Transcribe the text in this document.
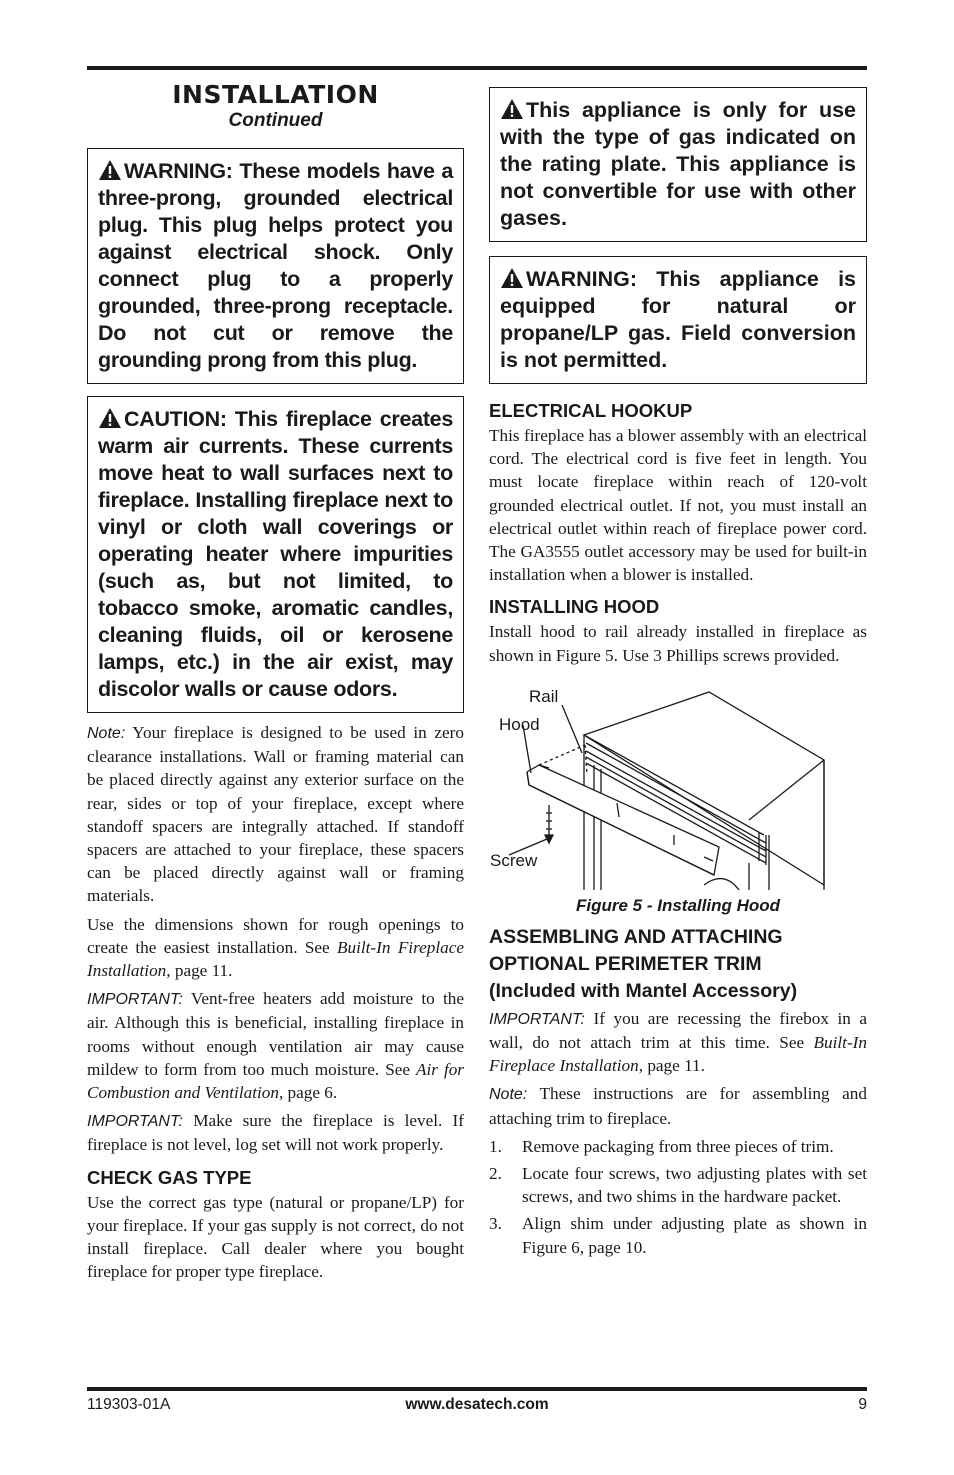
INSTALLATION
Continued
WARNING: These models have a three-prong, grounded electrical plug. This plug helps protect you against electrical shock. Only connect plug to a properly grounded, three-prong receptacle. Do not cut or remove the grounding prong from this plug.
CAUTION: This fireplace creates warm air currents. These currents move heat to wall surfaces next to fireplace. Installing fireplace next to vinyl or cloth wall coverings or operating heater where impurities (such as, but not limited, to tobacco smoke, aromatic candles, cleaning fluids, oil or kerosene lamps, etc.) in the air exist, may discolor walls or cause odors.

Note: Your fireplace is designed to be used in zero clearance installations. Wall or framing material can be placed directly against any exterior surface on the rear, sides or top of your fireplace, except where standoff spacers are integrally attached. If standoff spacers are attached to your fireplace, these spacers can be placed directly against wall or framing materials.

Use the dimensions shown for rough openings to create the easiest installation. See Built-In Fireplace Installation, page 11.

IMPORTANT: Vent-free heaters add moisture to the air. Although this is beneficial, installing fireplace in rooms without enough ventilation air may cause mildew to form from too much moisture. See Air for Combustion and Ventilation, page 6.

IMPORTANT: Make sure the fireplace is level. If fireplace is not level, log set will not work properly.

CHECK GAS TYPE

Use the correct gas type (natural or propane/LP) for your fireplace. If your gas supply is not correct, do not install fireplace. Call dealer where you bought fireplace for proper type fireplace.

This appliance is only for use with the type of gas indicated on the rating plate. This appliance is not convertible for use with other gases.
WARNING: This appliance is equipped for natural or propane/LP gas. Field conversion is not permitted.
ELECTRICAL HOOKUP

This fireplace has a blower assembly with an electrical cord. The electrical cord is five feet in length. You must locate fireplace within reach of 120-volt grounded electrical outlet. If not, you must install an electrical outlet within reach of fireplace power cord. The GA3555 outlet accessory may be used for built-in installation when a blower is installed.

INSTALLING HOOD

Install hood to rail already installed in fireplace as shown in Figure 5. Use 3 Phillips screws provided.

Rail
Hood
Screw
Figure 5 - Installing Hood
ASSEMBLING AND ATTACHING
OPTIONAL PERIMETER TRIM
(Included with Mantel Accessory)

IMPORTANT: If you are recessing the firebox in a wall, do not attach trim at this time. See Built-In Fireplace Installation, page 11.

Note: These instructions are for assembling and attaching trim to fireplace.

1.	Remove packaging from three pieces of trim.
2.	Locate four screws, two adjusting plates with set screws, and two shims in the hardware packet.
3.	Align shim under adjusting plate as shown in Figure 6, page 10.
119303-01A	www.desatech.com	9
